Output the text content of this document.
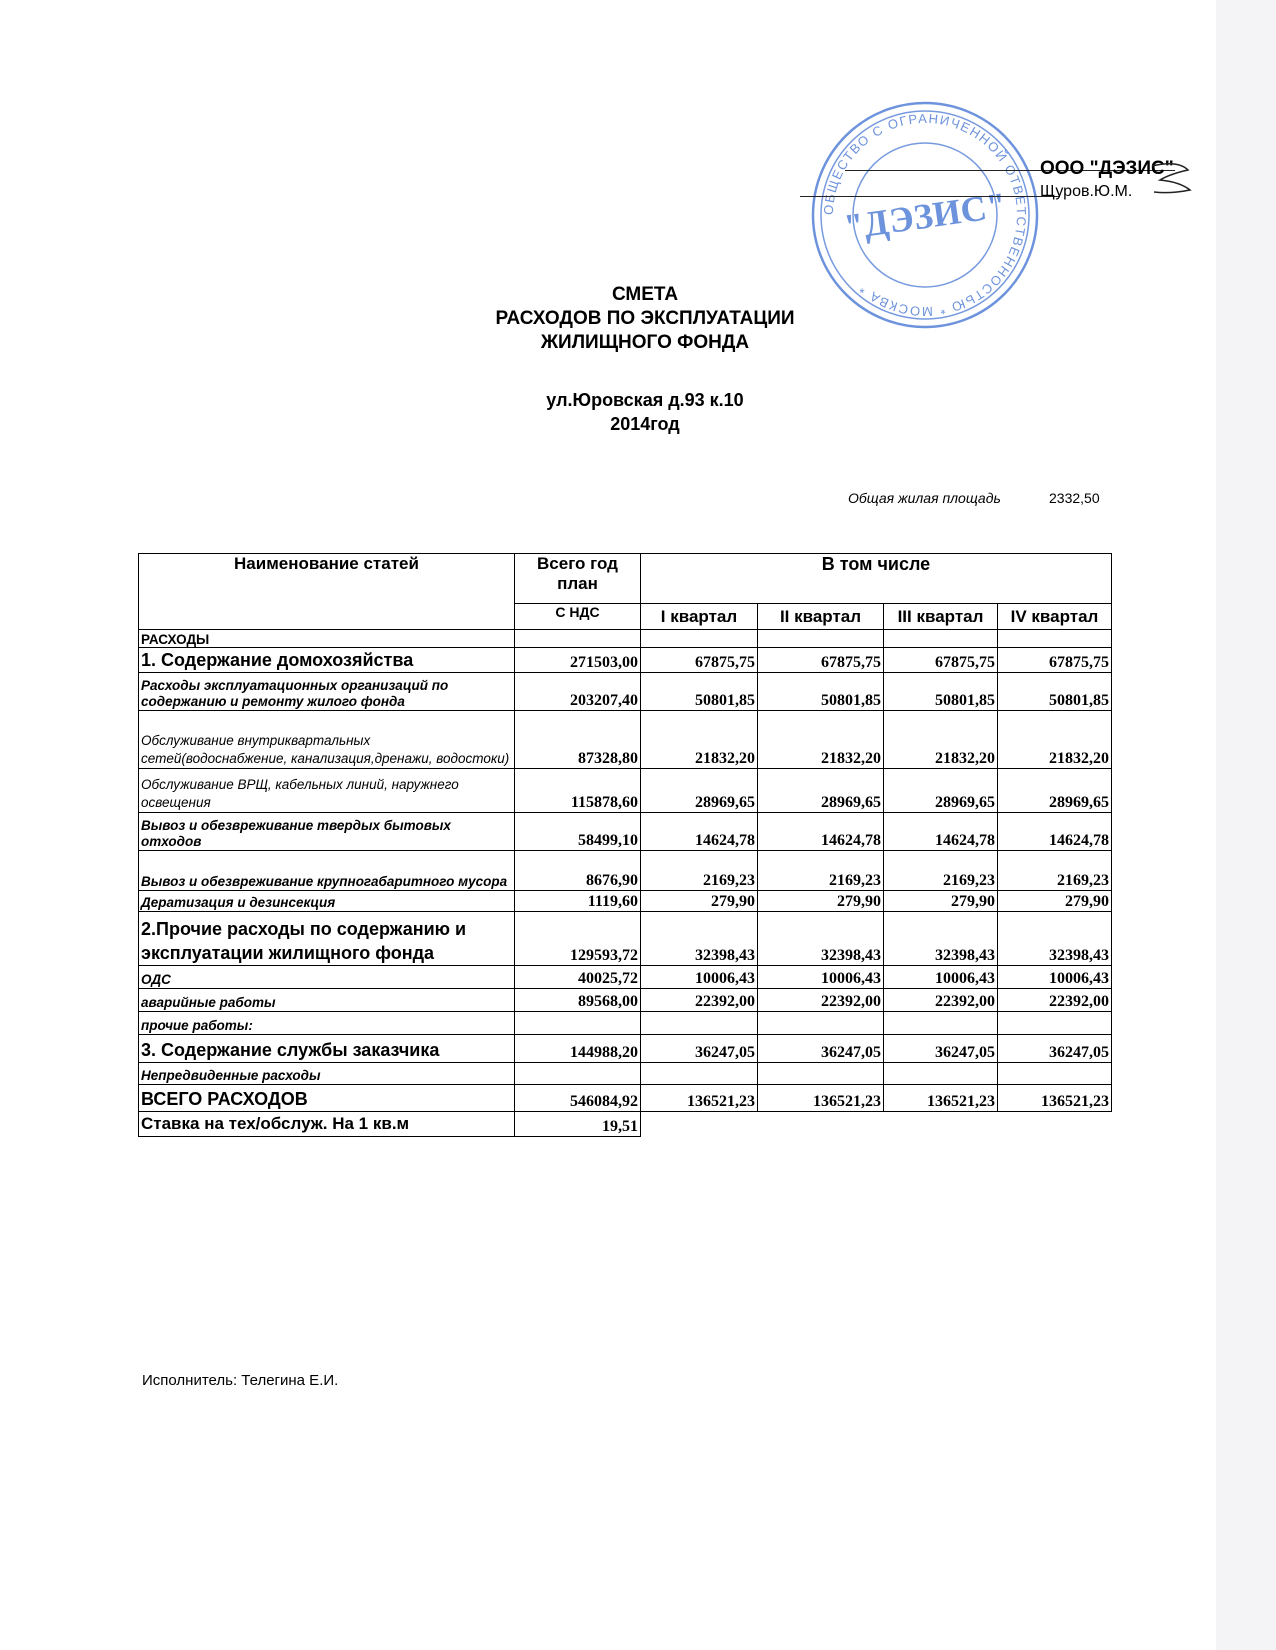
ОБЩЕСТВО С ОГРАНИЧЕННОЙ ОТВЕТСТВЕННОСТЬЮ * МОСКВА *
"ДЭЗИС"
ООО "ДЭЗИС"
Щуров.Ю.М.
СМЕТА
РАСХОДОВ ПО ЭКСПЛУАТАЦИИ
ЖИЛИЩНОГО ФОНДА
ул.Юровская д.93 к.10
2014год
Общая жилая площадь	2332,50
Наименование статей	Всего год план	В том числе			
	С НДС	I квартал	II квартал	III квартал	IV квартал
РАСХОДЫ					
1. Содержание домохозяйства	271503,00	67875,75	67875,75	67875,75	67875,75
Расходы эксплуатационных организаций по содержанию и ремонту жилого фонда	203207,40	50801,85	50801,85	50801,85	50801,85
Обслуживание внутриквартальных сетей(водоснабжение, канализация,дренажи, водостоки)	87328,80	21832,20	21832,20	21832,20	21832,20
Обслуживание ВРЩ, кабельных линий, наружнего освещения	115878,60	28969,65	28969,65	28969,65	28969,65
Вывоз и обезвреживание твердых бытовых отходов	58499,10	14624,78	14624,78	14624,78	14624,78
Вывоз и обезвреживание крупногабаритного мусора	8676,90	2169,23	2169,23	2169,23	2169,23
Дератизация и дезинсекция	1119,60	279,90	279,90	279,90	279,90
2.Прочие расходы по содержанию и эксплуатации жилищного фонда	129593,72	32398,43	32398,43	32398,43	32398,43
ОДС	40025,72	10006,43	10006,43	10006,43	10006,43
аварийные работы	89568,00	22392,00	22392,00	22392,00	22392,00
прочие работы:					
3. Содержание службы заказчика	144988,20	36247,05	36247,05	36247,05	36247,05
Непредвиденные расходы					
ВСЕГО РАСХОДОВ	546084,92	136521,23	136521,23	136521,23	136521,23
Ставка на тех/обслуж. На 1 кв.м	19,51				
Исполнитель: Телегина Е.И.
